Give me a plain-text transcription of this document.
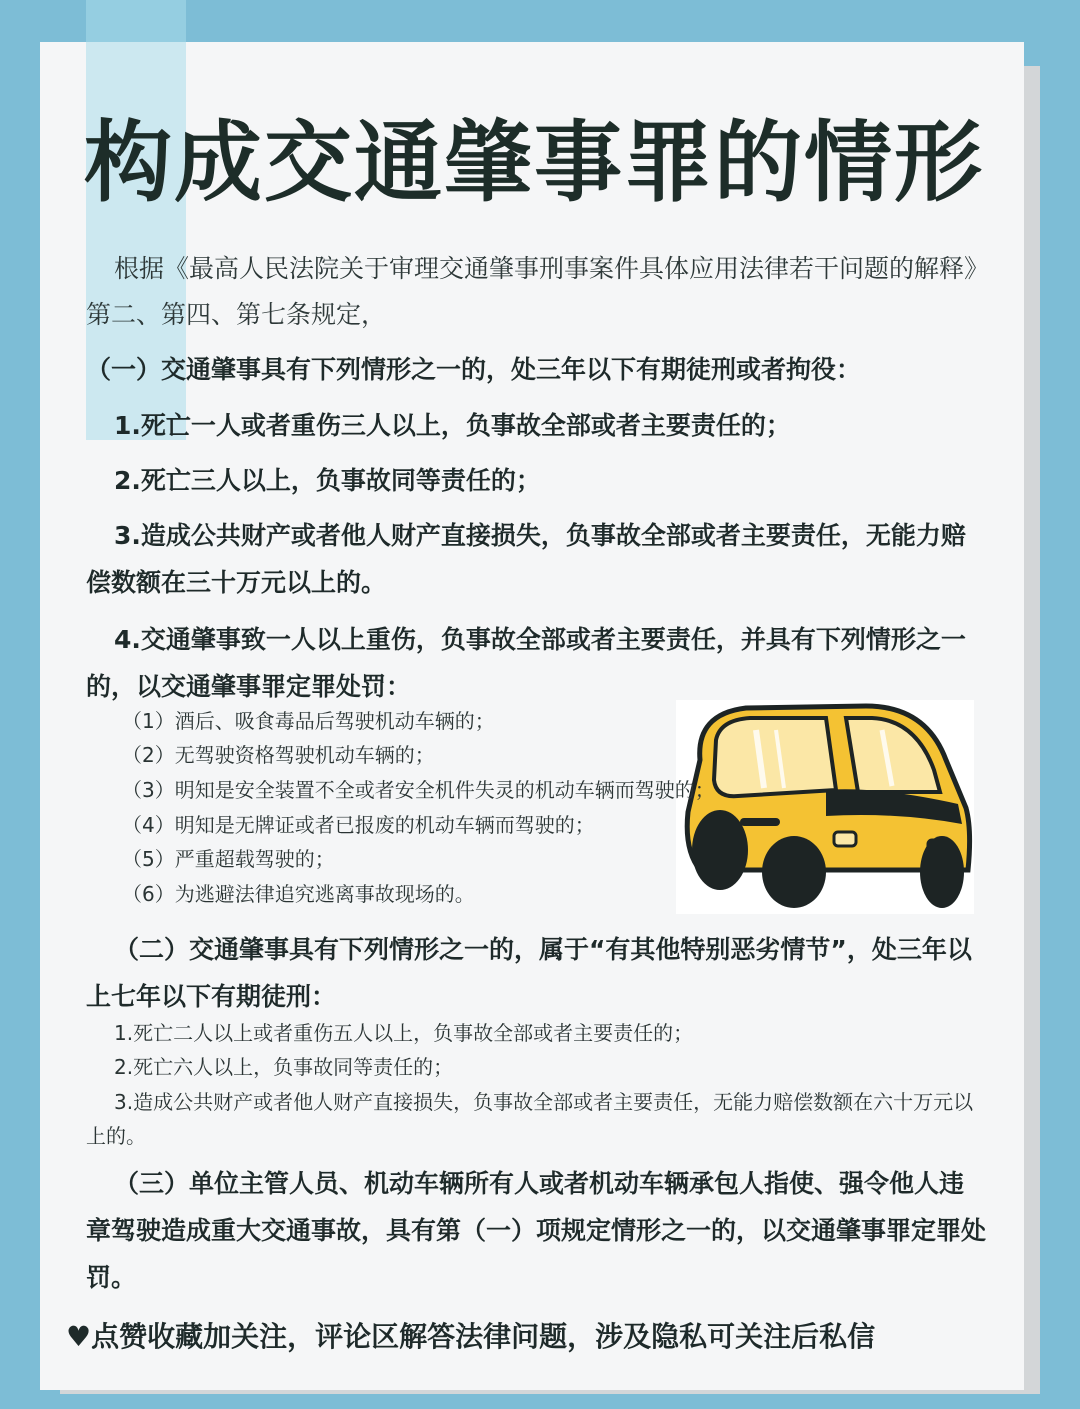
构成交通肇事罪的情形

根据《最高人民法院关于审理交通肇事刑事案件具体应用法律若干问题的解释》第二、第四、第七条规定，

（一）交通肇事具有下列情形之一的，处三年以下有期徒刑或者拘役：

1.死亡一人或者重伤三人以上，负事故全部或者主要责任的；

2.死亡三人以上，负事故同等责任的；

3.造成公共财产或者他人财产直接损失，负事故全部或者主要责任，无能力赔偿数额在三十万元以上的。

4.交通肇事致一人以上重伤，负事故全部或者主要责任，并具有下列情形之一的，以交通肇事罪定罪处罚：

（1）酒后、吸食毒品后驾驶机动车辆的；
（2）无驾驶资格驾驶机动车辆的；
（3）明知是安全装置不全或者安全机件失灵的机动车辆而驾驶的；
（4）明知是无牌证或者已报废的机动车辆而驾驶的；
（5）严重超载驾驶的；
（6）为逃避法律追究逃离事故现场的。

（二）交通肇事具有下列情形之一的，属于“有其他特别恶劣情节”，处三年以上七年以下有期徒刑：

1.死亡二人以上或者重伤五人以上，负事故全部或者主要责任的；

2.死亡六人以上，负事故同等责任的；

3.造成公共财产或者他人财产直接损失，负事故全部或者主要责任，无能力赔偿数额在六十万元以上的。

（三）单位主管人员、机动车辆所有人或者机动车辆承包人指使、强令他人违章驾驶造成重大交通事故，具有第（一）项规定情形之一的，以交通肇事罪定罪处罚。

♥点赞收藏加关注，评论区解答法律问题，涉及隐私可关注后私信
